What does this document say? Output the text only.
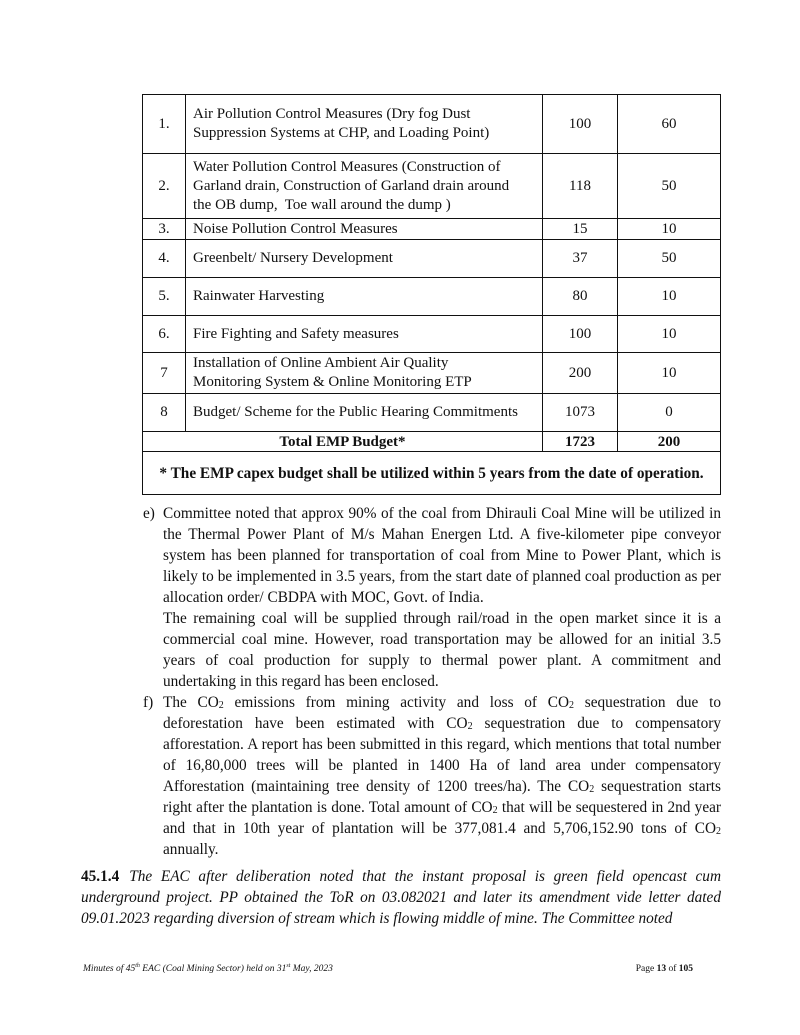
1.	Air Pollution Control Measures (Dry fog Dust
Suppression Systems at CHP, and Loading Point)	100	60
2.	Water Pollution Control Measures (Construction of
Garland drain, Construction of Garland drain around
the OB dump,  Toe wall around the dump )	118	50
3.	Noise Pollution Control Measures	15	10
4.	Greenbelt/ Nursery Development	37	50
5.	Rainwater Harvesting	80	10
6.	Fire Fighting and Safety measures	100	10
7	Installation of Online Ambient Air Quality
Monitoring System & Online Monitoring ETP	200	10
8	Budget/ Scheme for the Public Hearing Commitments	1073	0
Total EMP Budget*		1723	200
* The EMP capex budget shall be utilized within 5 years from the date of operation.			
e) Committee noted that approx 90% of the coal from Dhirauli Coal Mine will be utilized in the Thermal Power Plant of M/s Mahan Energen Ltd. A five-kilometer pipe conveyor system has been planned for transportation of coal from Mine to Power Plant, which is likely to be implemented in 3.5 years, from the start date of planned coal production as per allocation order/ CBDPA with MOC, Govt. of India.

The remaining coal will be supplied through rail/road in the open market since it is a commercial coal mine. However, road transportation may be allowed for an initial 3.5 years of coal production for supply to thermal power plant. A commitment and undertaking in this regard has been enclosed.

f) The $CO_2$ emissions from mining activity and loss of $CO_2$ sequestration due to deforestation have been estimated with $CO_2$ sequestration due to compensatory afforestation. A report has been submitted in this regard, which mentions that total number of 16,80,000 trees will be planted in 1400 Ha of land area under compensatory Afforestation (maintaining tree density of 1200 trees/ha). The $CO_2$ sequestration starts right after the plantation is done. Total amount of $CO_2$ that will be sequestered in 2nd year and that in 10th year of plantation will be 377,081.4 and 5,706,152.90 tons of $CO_2$ annually.

45.1.4 The EAC after deliberation noted that the instant proposal is green field opencast cum underground project. PP obtained the ToR on 03.082021 and later its amendment vide letter dated 09.01.2023 regarding diversion of stream which is flowing middle of mine. The Committee noted
Minutes of 45th EAC (Coal Mining Sector) held on 31st May, 2023	Page 13 of 105
